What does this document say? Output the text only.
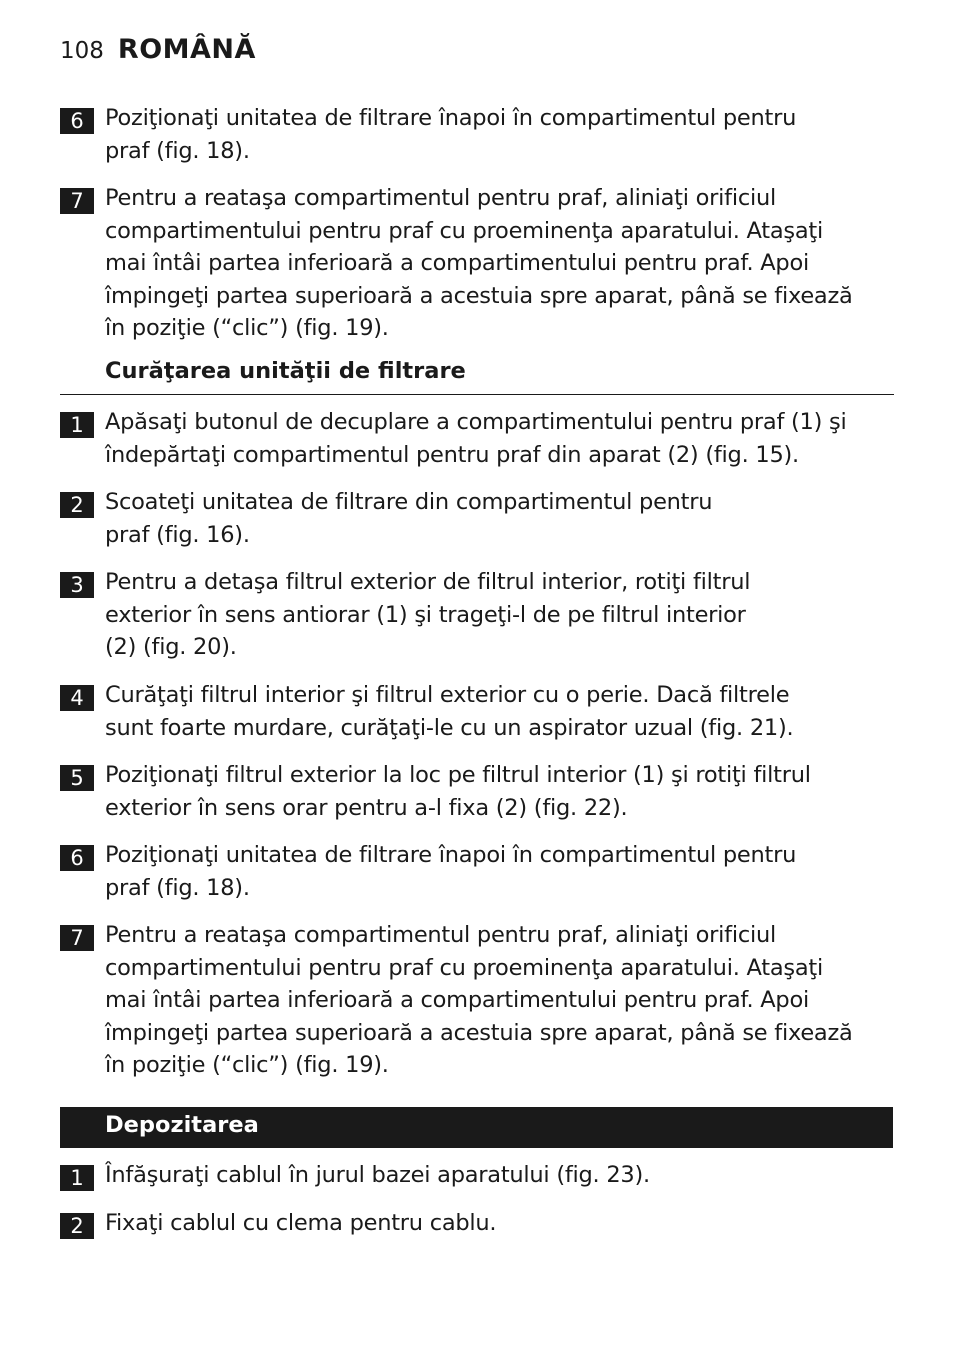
108 ROMÂNĂ
6 Poziţionaţi unitatea de filtrare înapoi în compartimentul pentru
praf (fig. 18).
7 Pentru a reataşa compartimentul pentru praf, aliniaţi orificiul
compartimentului pentru praf cu proeminenţa aparatului. Ataşaţi
mai întâi partea inferioară a compartimentului pentru praf. Apoi
împingeţi partea superioară a acestuia spre aparat, până se fixează
în poziţie (“clic”) (fig. 19).
Curăţarea unităţii de filtrare
1 Apăsaţi butonul de decuplare a compartimentului pentru praf (1) şi
îndepărtaţi compartimentul pentru praf din aparat (2) (fig. 15).
2 Scoateţi unitatea de filtrare din compartimentul pentru
praf (fig. 16).
3 Pentru a detaşa filtrul exterior de filtrul interior, rotiţi filtrul
exterior în sens antiorar (1) şi trageţi-l de pe filtrul interior
(2) (fig. 20).
4 Curăţaţi filtrul interior şi filtrul exterior cu o perie. Dacă filtrele
sunt foarte murdare, curăţaţi-le cu un aspirator uzual (fig. 21).
5 Poziţionaţi filtrul exterior la loc pe filtrul interior (1) şi rotiţi filtrul
exterior în sens orar pentru a-l fixa (2) (fig. 22).
6 Poziţionaţi unitatea de filtrare înapoi în compartimentul pentru
praf (fig. 18).
7 Pentru a reataşa compartimentul pentru praf, aliniaţi orificiul
compartimentului pentru praf cu proeminenţa aparatului. Ataşaţi
mai întâi partea inferioară a compartimentului pentru praf. Apoi
împingeţi partea superioară a acestuia spre aparat, până se fixează
în poziţie (“clic”) (fig. 19).
Depozitarea
1 Înfăşuraţi cablul în jurul bazei aparatului (fig. 23).
2 Fixaţi cablul cu clema pentru cablu.
